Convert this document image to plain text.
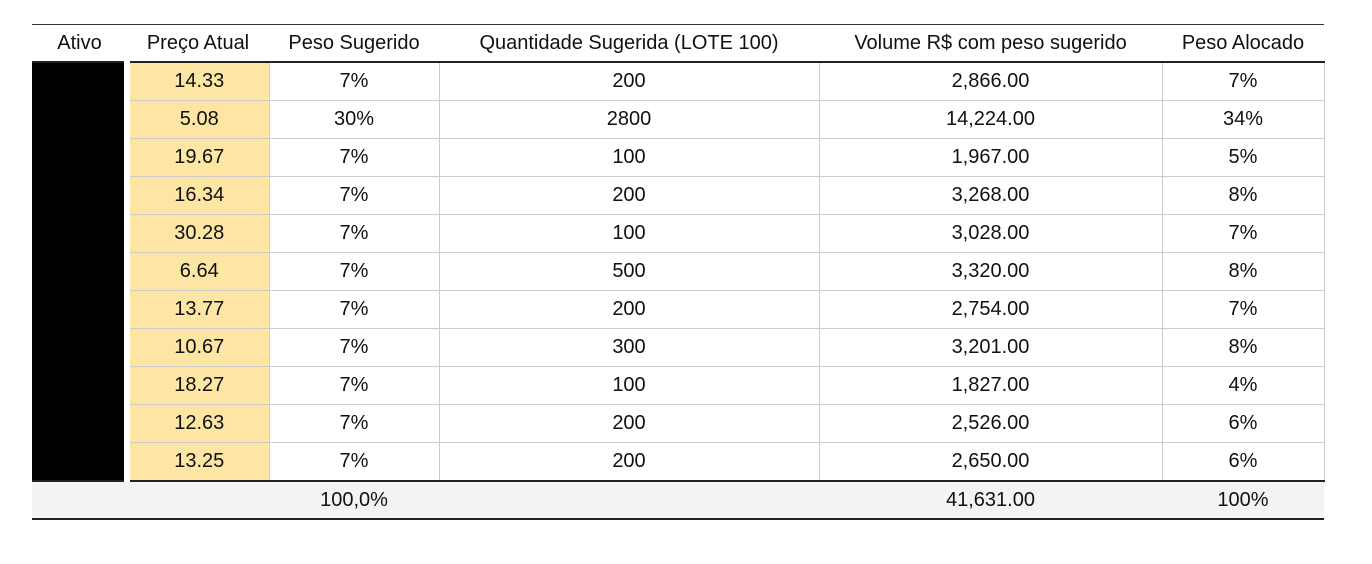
Ativo	Preço Atual	Peso Sugerido	Quantidade Sugerida (LOTE 100)	Volume R$ com peso sugerido	Peso Alocado
	14.33	7%	200	2,866.00	7%
	5.08	30%	2800	14,224.00	34%
	19.67	7%	100	1,967.00	5%
	16.34	7%	200	3,268.00	8%
	30.28	7%	100	3,028.00	7%
	6.64	7%	500	3,320.00	8%
	13.77	7%	200	2,754.00	7%
	10.67	7%	300	3,201.00	8%
	18.27	7%	100	1,827.00	4%
	12.63	7%	200	2,526.00	6%
	13.25	7%	200	2,650.00	6%
		100,0%		41,631.00	100%
